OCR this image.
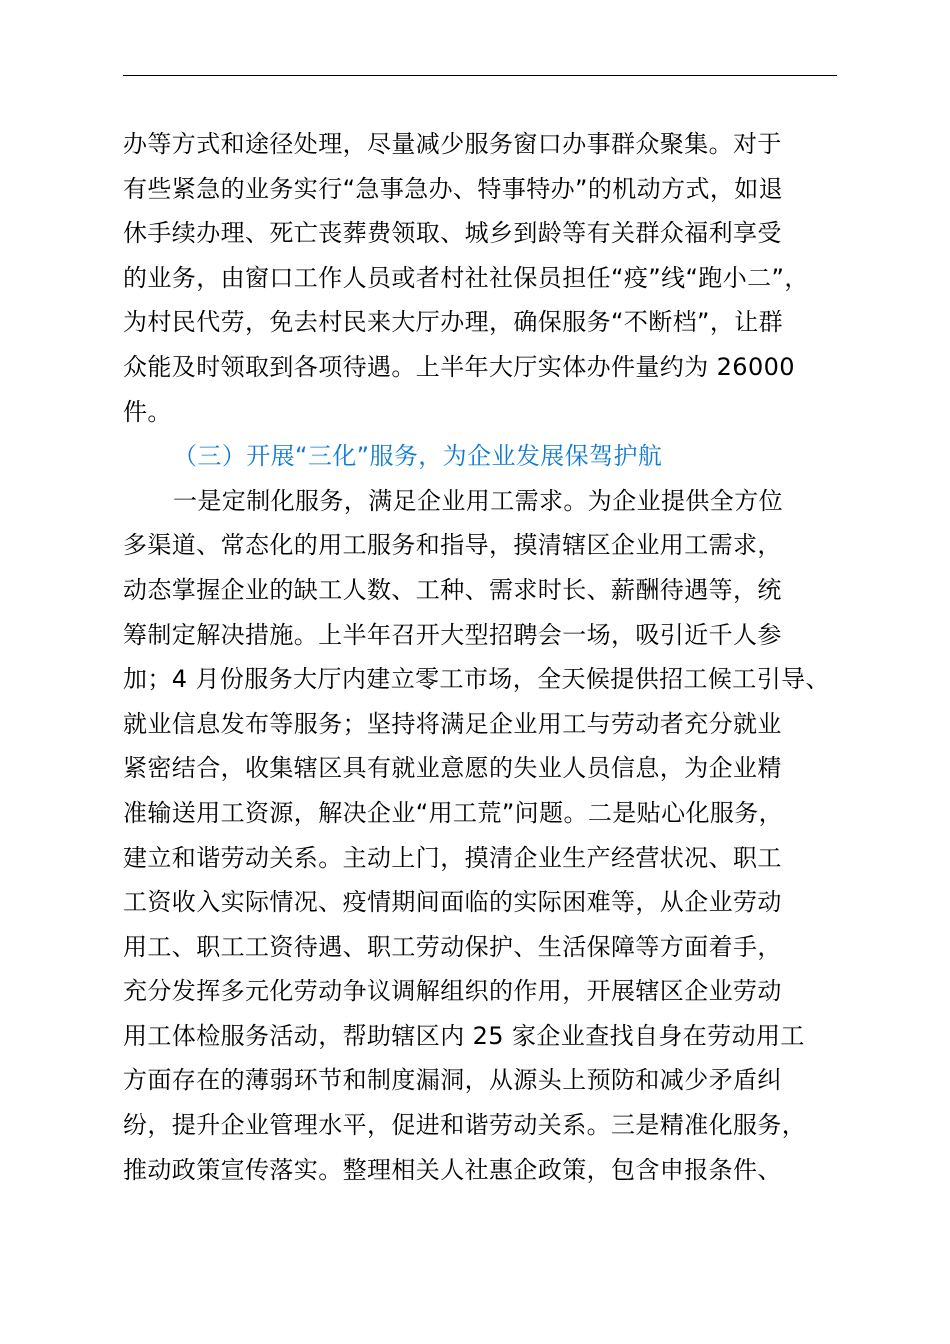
办等方式和途径处理，尽量减少服务窗口办事群众聚集。对于
有些紧急的业务实行“急事急办、特事特办”的机动方式，如退
休手续办理、死亡丧葬费领取、城乡到龄等有关群众福利享受
的业务，由窗口工作人员或者村社社保员担任“疫”线“跑小二”，
为村民代劳，免去村民来大厅办理，确保服务“不断档”，让群
众能及时领取到各项待遇。上半年大厅实体办件量约为 26000
件。
（三）开展“三化”服务，为企业发展保驾护航
一是定制化服务，满足企业用工需求。为企业提供全方位
多渠道、常态化的用工服务和指导，摸清辖区企业用工需求，
动态掌握企业的缺工人数、工种、需求时长、薪酬待遇等，统
筹制定解决措施。上半年召开大型招聘会一场，吸引近千人参
加；4 月份服务大厅内建立零工市场，全天候提供招工候工引导、
就业信息发布等服务；坚持将满足企业用工与劳动者充分就业
紧密结合，收集辖区具有就业意愿的失业人员信息，为企业精
准输送用工资源，解决企业“用工荒”问题。二是贴心化服务，
建立和谐劳动关系。主动上门，摸清企业生产经营状况、职工
工资收入实际情况、疫情期间面临的实际困难等，从企业劳动
用工、职工工资待遇、职工劳动保护、生活保障等方面着手，
充分发挥多元化劳动争议调解组织的作用，开展辖区企业劳动
用工体检服务活动，帮助辖区内 25 家企业查找自身在劳动用工
方面存在的薄弱环节和制度漏洞，从源头上预防和减少矛盾纠
纷，提升企业管理水平，促进和谐劳动关系。三是精准化服务，
推动政策宣传落实。整理相关人社惠企政策，包含申报条件、
